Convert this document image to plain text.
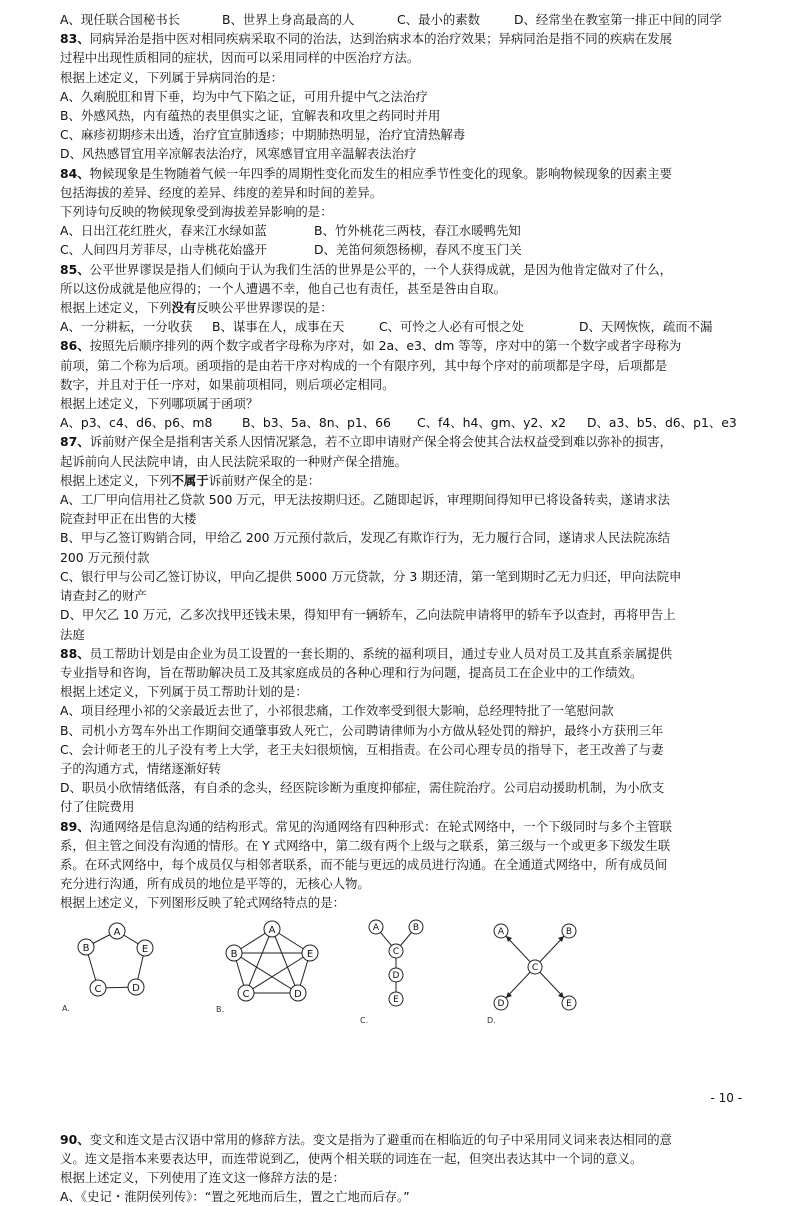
A、现任联合国秘书长	B、世界上身高最高的人	C、最小的素数	D、经常坐在教室第一排正中间的同学
83、同病异治是指中医对相同疾病采取不同的治法，达到治病求本的治疗效果；异病同治是指不同的疾病在发展
过程中出现性质相同的症状，因而可以采用同样的中医治疗方法。
根据上述定义，下列属于异病同治的是：
A、久痢脱肛和胃下垂，均为中气下陷之证，可用升提中气之法治疗
B、外感风热，内有蕴热的表里俱实之证，宜解表和攻里之药同时并用
C、麻疹初期疹未出透，治疗宜宣肺透疹；中期肺热明显，治疗宜清热解毒
D、风热感冒宜用辛凉解表法治疗，风寒感冒宜用辛温解表法治疗
84、物候现象是生物随着气候一年四季的周期性变化而发生的相应季节性变化的现象。影响物候现象的因素主要
包括海拔的差异、经度的差异、纬度的差异和时间的差异。
下列诗句反映的物候现象受到海拔差异影响的是：
A、日出江花红胜火，春来江水绿如蓝	B、竹外桃花三两枝，春江水暖鸭先知
C、人间四月芳菲尽，山寺桃花始盛开	D、羌笛何须怨杨柳，春风不度玉门关
85、公平世界谬误是指人们倾向于认为我们生活的世界是公平的，一个人获得成就，是因为他肯定做对了什么，
所以这份成就是他应得的；一个人遭遇不幸，他自己也有责任，甚至是咎由自取。
根据上述定义，下列没有反映公平世界谬误的是：
A、一分耕耘，一分收获	B、谋事在人，成事在天	C、可怜之人必有可恨之处	D、天网恢恢，疏而不漏
86、按照先后顺序排列的两个数字或者字母称为序对，如 2a、e3、dm 等等，序对中的第一个数字或者字母称为
前项，第二个称为后项。函项指的是由若干序对构成的一个有限序列，其中每个序对的前项都是字母，后项都是
数字，并且对于任一序对，如果前项相同，则后项必定相同。
根据上述定义，下列哪项属于函项？
A、p3、c4、d6、p6、m8	B、b3、5a、8n、p1、66	C、f4、h4、gm、y2、x2	D、a3、b5、d6、p1、e3
87、诉前财产保全是指利害关系人因情况紧急，若不立即申请财产保全将会使其合法权益受到难以弥补的损害，
起诉前向人民法院申请，由人民法院采取的一种财产保全措施。
根据上述定义，下列不属于诉前财产保全的是：
A、工厂甲向信用社乙贷款 500 万元，甲无法按期归还。乙随即起诉，审理期间得知甲已将设备转卖，遂请求法
院查封甲正在出售的大楼
B、甲与乙签订购销合同，甲给乙 200 万元预付款后，发现乙有欺诈行为，无力履行合同，遂请求人民法院冻结
200 万元预付款
C、银行甲与公司乙签订协议，甲向乙提供 5000 万元贷款，分 3 期还清，第一笔到期时乙无力归还，甲向法院申
请查封乙的财产
D、甲欠乙 10 万元，乙多次找甲还钱未果，得知甲有一辆轿车，乙向法院申请将甲的轿车予以查封，再将甲告上
法庭
88、员工帮助计划是由企业为员工设置的一套长期的、系统的福利项目，通过专业人员对员工及其直系亲属提供
专业指导和咨询，旨在帮助解决员工及其家庭成员的各种心理和行为问题，提高员工在企业中的工作绩效。
根据上述定义，下列属于员工帮助计划的是：
A、项目经理小祁的父亲最近去世了，小祁很悲痛，工作效率受到很大影响，总经理特批了一笔慰问款
B、司机小方驾车外出工作期间交通肇事致人死亡，公司聘请律师为小方做从轻处罚的辩护，最终小方获刑三年
C、会计师老王的儿子没有考上大学，老王夫妇很烦恼，互相指责。在公司心理专员的指导下，老王改善了与妻
子的沟通方式，情绪逐渐好转
D、职员小欣情绪低落，有自杀的念头，经医院诊断为重度抑郁症，需住院治疗。公司启动援助机制，为小欣支
付了住院费用
89、沟通网络是信息沟通的结构形式。常见的沟通网络有四种形式：在轮式网络中，一个下级同时与多个主管联
系，但主管之间没有沟通的情形。在 Y 式网络中，第二级有两个上级与之联系，第三级与一个或更多下级发生联
系。在环式网络中，每个成员仅与相邻者联系，而不能与更远的成员进行沟通。在全通道式网络中，所有成员间
充分进行沟通，所有成员的地位是平等的，无核心人物。
根据上述定义，下列图形反映了轮式网络特点的是：
A
B	E
C	D
A.
A
B	E
C	D
B.
A	B
C
D
E
C.
A	B
C
D	E
D.
90、变文和连文是古汉语中常用的修辞方法。变文是指为了避重而在相临近的句子中采用同义词来表达相同的意
义。连文是指本来要表达甲，而连带说到乙，使两个相关联的词连在一起，但突出表达其中一个词的意义。
根据上述定义，下列使用了连文这一修辞方法的是：
A、《史记・淮阴侯列传》：“置之死地而后生，置之亡地而后存。”
- 10 -
